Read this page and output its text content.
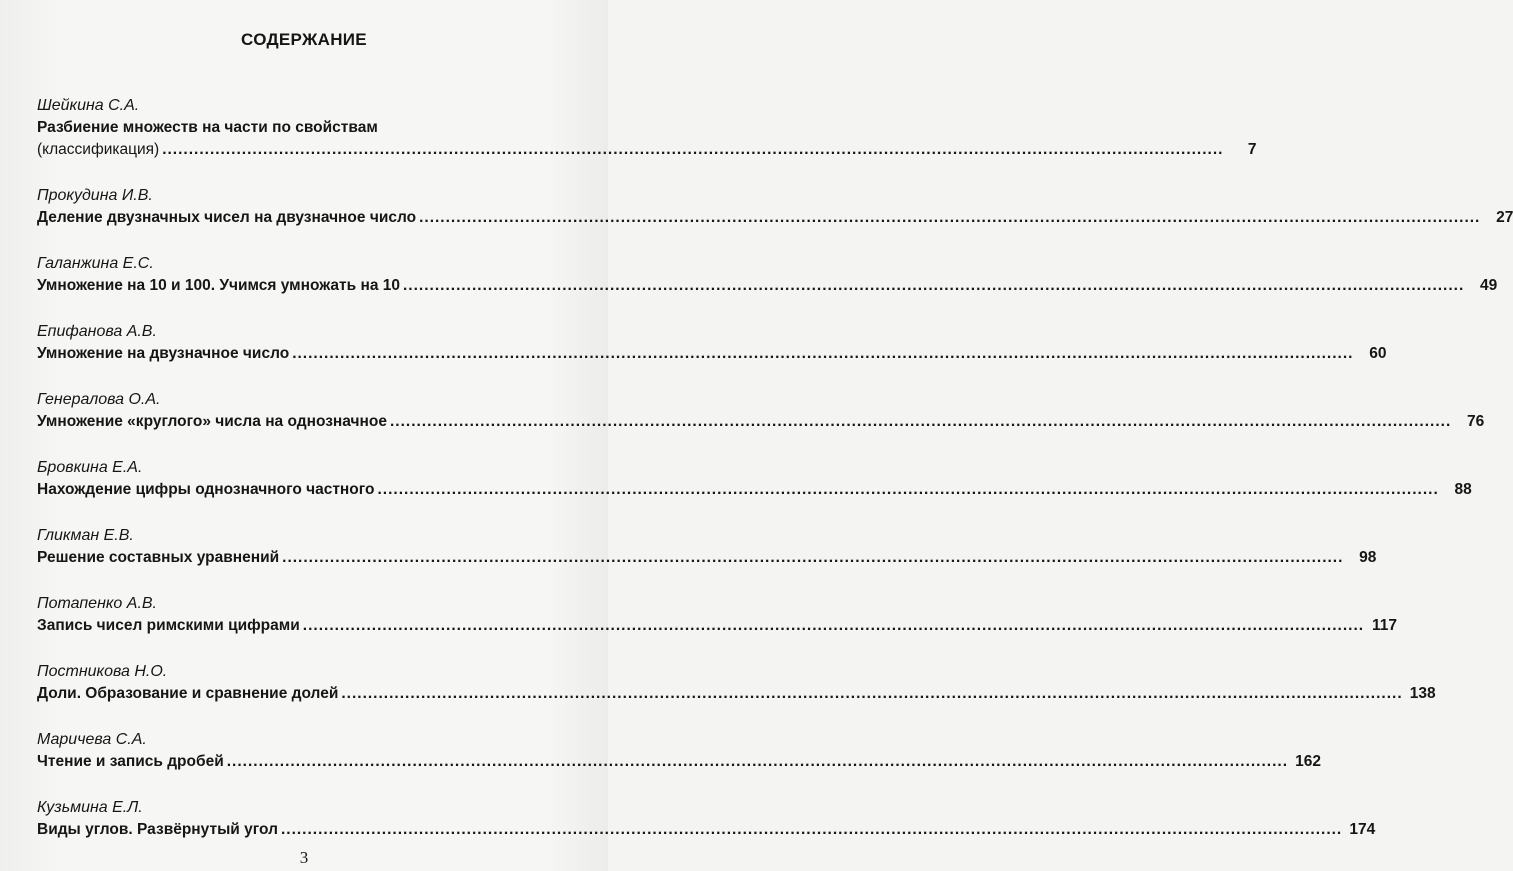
СОДЕРЖАНИЕ
Шейкина С.А.
Разбиение множеств на части по свойствам
(классификация) ........................................................................................................................................................................................................	7
Прокудина И.В.
Деление двузначных чисел на двузначное число ........................................................................................................................................................................................................	27
Галанжина Е.С.
Умножение на 10 и 100. Учимся умножать на 10 ........................................................................................................................................................................................................	49
Епифанова А.В.
Умножение на двузначное число ........................................................................................................................................................................................................	60
Генералова О.А.
Умножение «круглого» числа на однозначное ........................................................................................................................................................................................................	76
Бровкина Е.А.
Нахождение цифры однозначного частного ........................................................................................................................................................................................................	88
Гликман Е.В.
Решение составных уравнений ........................................................................................................................................................................................................	98
Потапенко А.В.
Запись чисел римскими цифрами ........................................................................................................................................................................................................ 117
Постникова Н.О.
Доли. Образование и сравнение долей ........................................................................................................................................................................................................ 138
Маричева С.А.
Чтение и запись дробей ........................................................................................................................................................................................................ 162
Кузьмина Е.Л.
Виды углов. Развёрнутый угол ........................................................................................................................................................................................................ 174
3
